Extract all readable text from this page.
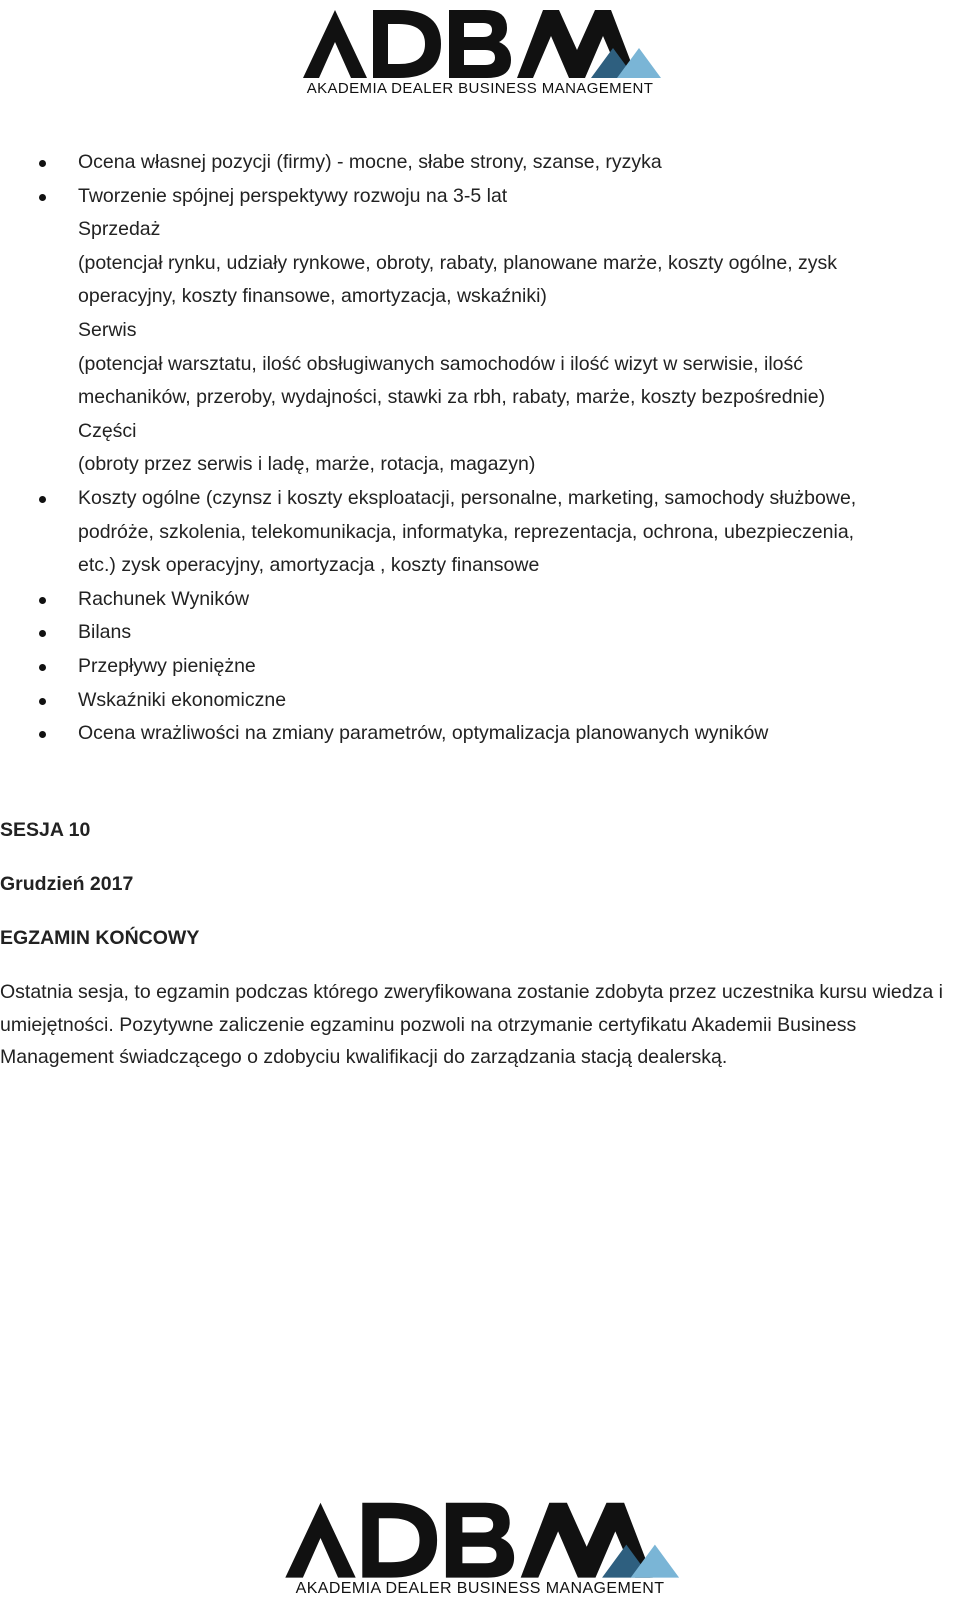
AKADEMIA DEALER BUSINESS MANAGEMENT
Ocena własnej pozycji (firmy) - mocne, słabe strony, szanse, ryzyka
Tworzenie spójnej perspektywy rozwoju na 3-5 lat
Sprzedaż
(potencjał rynku, udziały rynkowe, obroty, rabaty, planowane marże, koszty ogólne, zysk
operacyjny, koszty finansowe, amortyzacja, wskaźniki)
Serwis
(potencjał warsztatu, ilość obsługiwanych samochodów i ilość wizyt w serwisie, ilość
mechaników, przeroby, wydajności, stawki za rbh, rabaty, marże, koszty bezpośrednie)
Części
(obroty przez serwis i ladę, marże, rotacja, magazyn)
Koszty ogólne (czynsz i koszty eksploatacji, personalne, marketing, samochody służbowe,
podróże, szkolenia, telekomunikacja, informatyka, reprezentacja, ochrona, ubezpieczenia,
etc.) zysk operacyjny, amortyzacja , koszty finansowe
Rachunek Wyników
Bilans
Przepływy pieniężne
Wskaźniki ekonomiczne
Ocena wrażliwości na zmiany parametrów, optymalizacja planowanych wyników

SESJA 10

Grudzień 2017

EGZAMIN KOŃCOWY

Ostatnia sesja, to egzamin podczas którego zweryfikowana zostanie zdobyta przez uczestnika kursu wiedza i umiejętności. Pozytywne zaliczenie egzaminu pozwoli na otrzymanie certyfikatu Akademii Business Management świadczącego o zdobyciu kwalifikacji do zarządzania stacją dealerską.

AKADEMIA DEALER BUSINESS MANAGEMENT
